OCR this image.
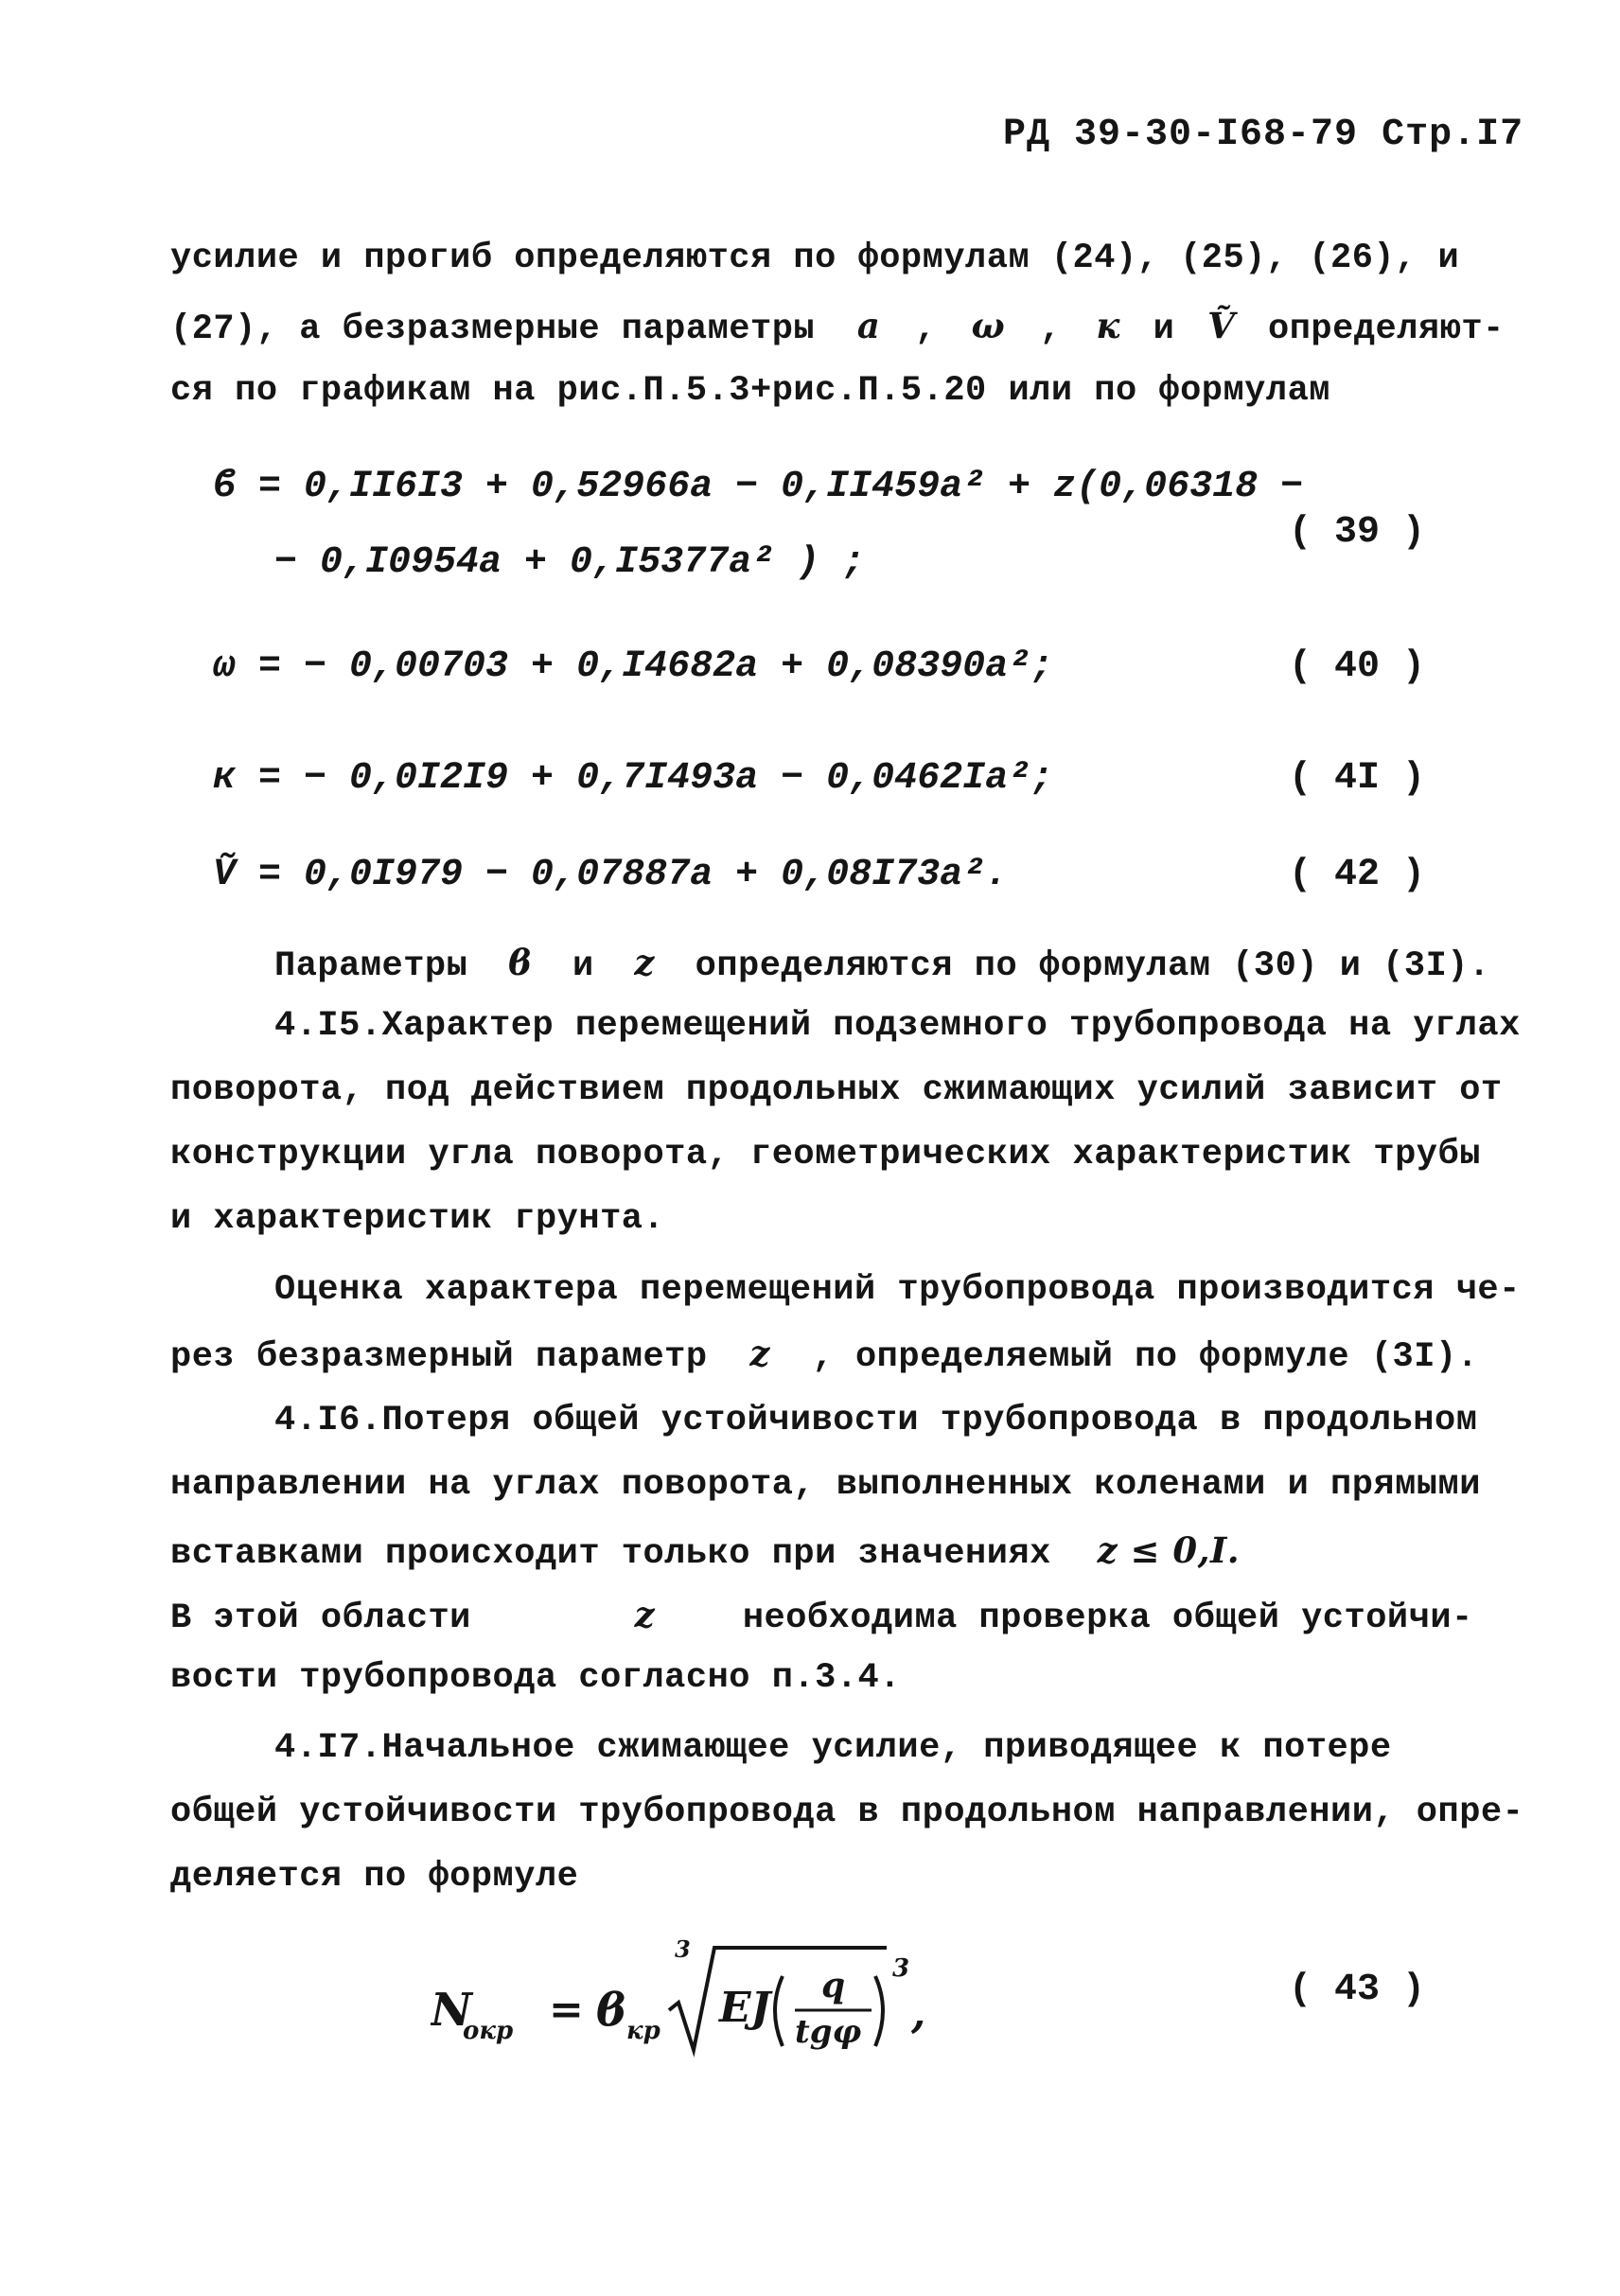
РД 39-30-I68-79 Стр.I7
усилие и прогиб определяются по формулам (24), (25), (26), и
(27), а безразмерные параметры a , ω , к и Ṽ определяют-
ся по графикам на рис.П.5.3+рис.П.5.20 или по формулам
ϐ = 0,II6I3 + 0,52966a − 0,II459a² + z(0,06318 −
− 0,I0954a + 0,I5377a² ) ;
( 39 )
ω = − 0,00703 + 0,I4682a + 0,08390a²;	( 40 )
к = − 0,0I2I9 + 0,7I493a − 0,0462Ia²;	( 4I )
Ṽ = 0,0I979 − 0,07887a + 0,08I73a².	( 42 )
Параметры ϐ и z определяются по формулам (30) и (3I).
4.I5.Характер перемещений подземного трубопровода на углах
поворота, под действием продольных сжимающих усилий зависит от
конструкции угла поворота, геометрических характеристик трубы
и характеристик грунта.
Оценка характера перемещений трубопровода производится че-
рез безразмерный параметр z , определяемый по формуле (3I).
4.I6.Потеря общей устойчивости трубопровода в продольном
направлении на углах поворота, выполненных коленами и прямыми
вставками происходит только при значениях z ≤ 0,I.
В этой области	z	необходима проверка общей устойчи-
вости трубопровода согласно п.3.4.
4.I7.Начальное сжимающее усилие, приводящее к потере
общей устойчивости трубопровода в продольном направлении, опре-
деляется по формуле
N
окр = ϐ кр
3
EJ q
tgφ
3
,	( 43 )
